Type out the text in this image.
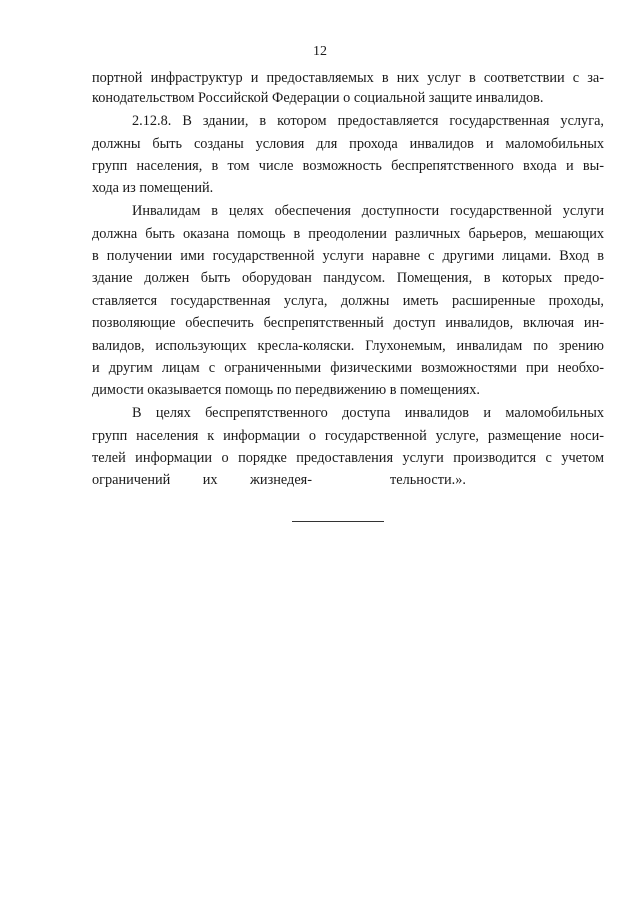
12
портной инфраструктур и предоставляемых в них услуг в соответствии с за-
конодательством Российской Федерации о социальной защите инвалидов.
2.12.8. В здании, в котором предоставляется государственная услуга,
должны быть созданы условия для прохода инвалидов и маломобильных
групп населения, в том числе возможность беспрепятственного входа и вы-
хода из помещений.
Инвалидам в целях обеспечения доступности государственной услуги
должна быть оказана помощь в преодолении различных барьеров, мешающих
в получении ими государственной услуги наравне с другими лицами. Вход в
здание должен быть оборудован пандусом. Помещения, в которых предо-
ставляется государственная услуга, должны иметь расширенные проходы,
позволяющие обеспечить беспрепятственный доступ инвалидов, включая ин-
валидов, использующих кресла-коляски. Глухонемым, инвалидам по зрению
и другим лицам с ограниченными физическими возможностями при необхо-
димости оказывается помощь по передвижению в помещениях.
В целях беспрепятственного доступа инвалидов и маломобильных
групп населения к информации о государственной услуге, размещение носи-
телей информации о порядке предоставления услуги производится с учетом
ограничений их жизнедея-	тельности.».
